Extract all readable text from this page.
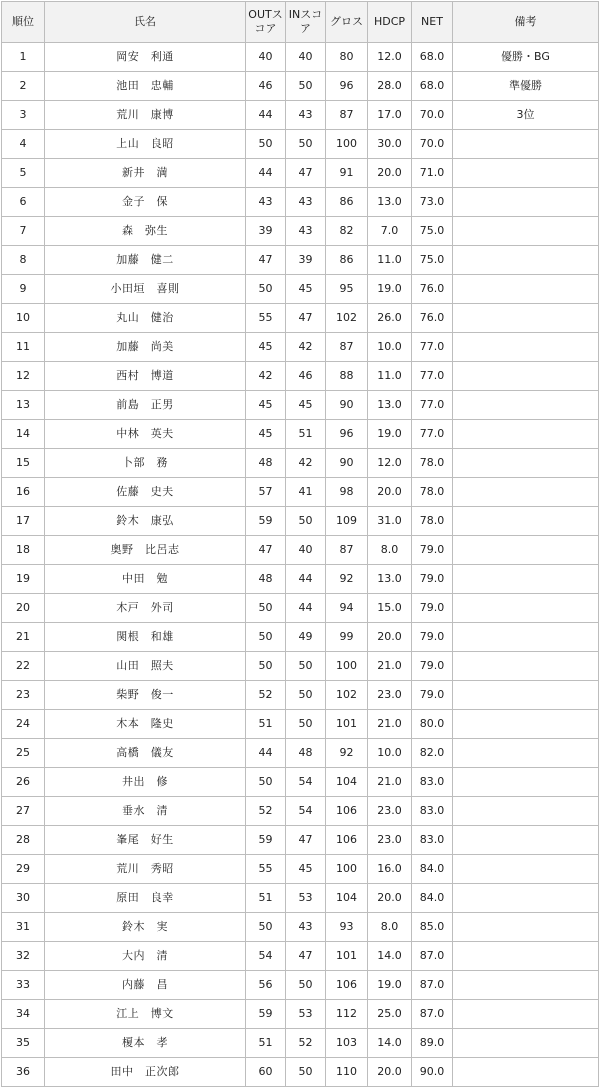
順位	氏名	OUTスコア	INスコア	グロス	HDCP	NET	備考
1	岡安　利通	40	40	80	12.0	68.0	優勝・BG
2	池田　忠輔	46	50	96	28.0	68.0	準優勝
3	荒川　康博	44	43	87	17.0	70.0	3位
4	上山　良昭	50	50	100	30.0	70.0	
5	新井　満	44	47	91	20.0	71.0	
6	金子　保	43	43	86	13.0	73.0	
7	森　弥生	39	43	82	7.0	75.0	
8	加藤　健二	47	39	86	11.0	75.0	
9	小田垣　喜則	50	45	95	19.0	76.0	
10	丸山　健治	55	47	102	26.0	76.0	
11	加藤　尚美	45	42	87	10.0	77.0	
12	西村　博道	42	46	88	11.0	77.0	
13	前島　正男	45	45	90	13.0	77.0	
14	中林　英夫	45	51	96	19.0	77.0	
15	卜部　務	48	42	90	12.0	78.0	
16	佐藤　史夫	57	41	98	20.0	78.0	
17	鈴木　康弘	59	50	109	31.0	78.0	
18	奥野　比呂志	47	40	87	8.0	79.0	
19	中田　勉	48	44	92	13.0	79.0	
20	木戸　外司	50	44	94	15.0	79.0	
21	関根　和雄	50	49	99	20.0	79.0	
22	山田　照夫	50	50	100	21.0	79.0	
23	柴野　俊一	52	50	102	23.0	79.0	
24	木本　隆史	51	50	101	21.0	80.0	
25	高橋　儀友	44	48	92	10.0	82.0	
26	井出　修	50	54	104	21.0	83.0	
27	垂水　清	52	54	106	23.0	83.0	
28	峯尾　好生	59	47	106	23.0	83.0	
29	荒川　秀昭	55	45	100	16.0	84.0	
30	原田　良幸	51	53	104	20.0	84.0	
31	鈴木　実	50	43	93	8.0	85.0	
32	大内　清	54	47	101	14.0	87.0	
33	内藤　昌	56	50	106	19.0	87.0	
34	江上　博文	59	53	112	25.0	87.0	
35	榎本　孝	51	52	103	14.0	89.0	
36	田中　正次郎	60	50	110	20.0	90.0	
